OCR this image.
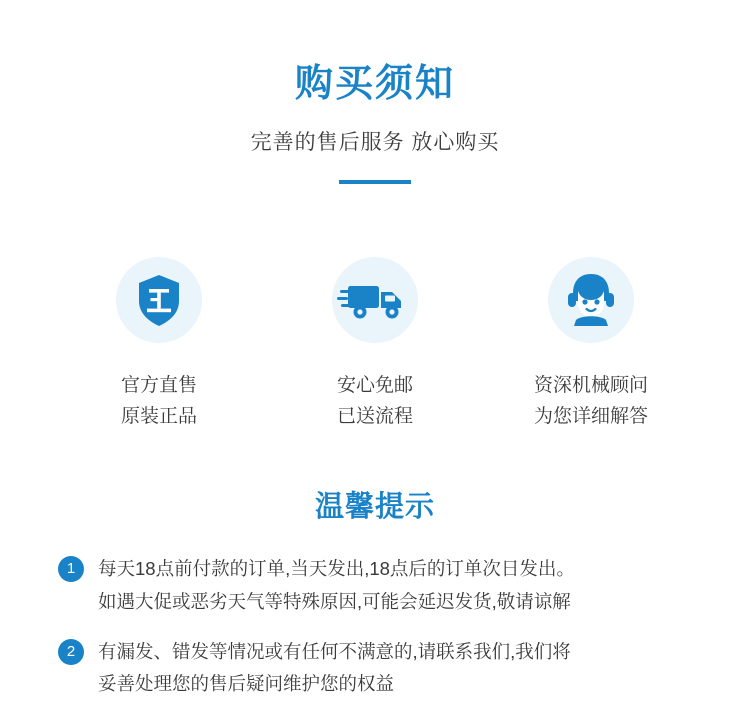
购买须知
完善的售后服务 放心购买
官方直售
原装正品
安心免邮
已送流程
资深机械顾问
为您详细解答
温馨提示
1	每天18点前付款的订单,当天发出,18点后的订单次日发出。
如遇大促或恶劣天气等特殊原因,可能会延迟发货,敬请谅解
2	有漏发、错发等情况或有任何不满意的,请联系我们,我们将
妥善处理您的售后疑问维护您的权益
